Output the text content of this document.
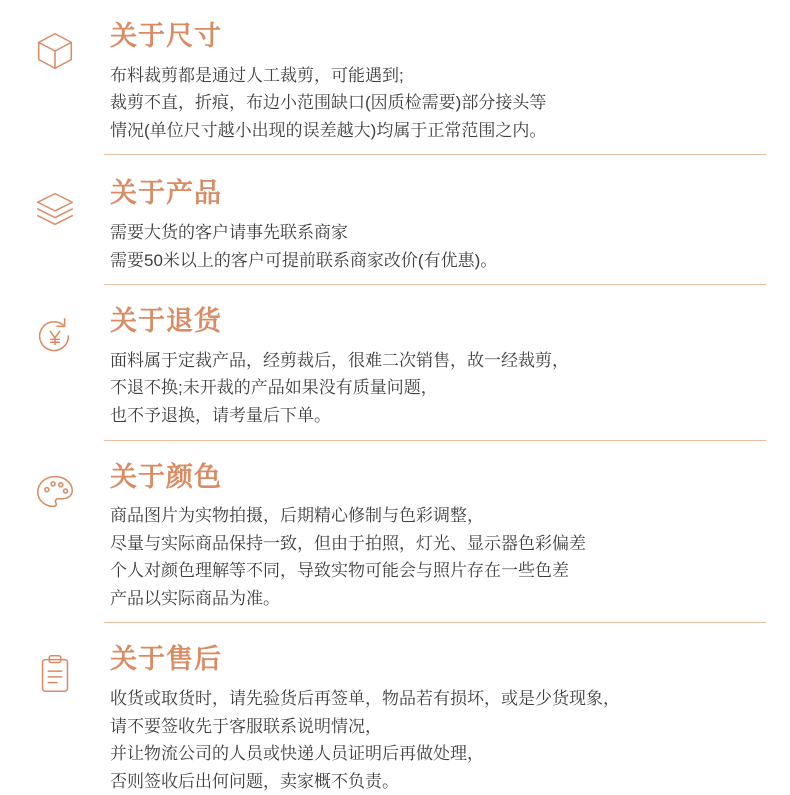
关于尺寸
布料裁剪都是通过人工裁剪，可能遇到;
裁剪不直，折痕，布边小范围缺口(因质检需要)部分接头等
情况(单位尺寸越小出现的误差越大)均属于正常范围之内。
关于产品
需要大货的客户请事先联系商家
需要50米以上的客户可提前联系商家改价(有优惠)。
关于退货
面料属于定裁产品，经剪裁后，很难二次销售，故一经裁剪，
不退不换;未开裁的产品如果没有质量问题，
也不予退换，请考量后下单。
关于颜色
商品图片为实物拍摄，后期精心修制与色彩调整，
尽量与实际商品保持一致，但由于拍照，灯光、显示器色彩偏差
个人对颜色理解等不同，导致实物可能会与照片存在一些色差
产品以实际商品为准。
关于售后
收货或取货时，请先验货后再签单，物品若有损坏，或是少货现象，
请不要签收先于客服联系说明情况，
并让物流公司的人员或快递人员证明后再做处理，
否则签收后出何问题，卖家概不负责。
